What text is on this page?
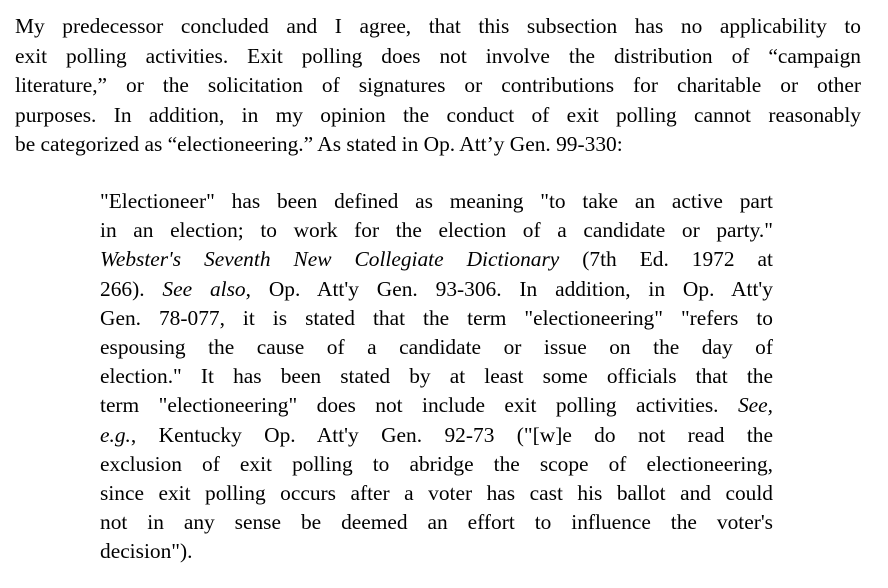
My predecessor concluded and I agree, that this subsection has no applicability to
exit polling activities. Exit polling does not involve the distribution of “campaign
literature,” or the solicitation of signatures or contributions for charitable or other
purposes. In addition, in my opinion the conduct of exit polling cannot reasonably
be categorized as “electioneering.” As stated in Op. Att’y Gen. 99-330:
"Electioneer" has been defined as meaning "to take an active part
in an election; to work for the election of a candidate or party."
Webster's Seventh New Collegiate Dictionary (7th Ed. 1972 at
266). See also, Op. Att'y Gen. 93-306. In addition, in Op. Att'y
Gen. 78-077, it is stated that the term "electioneering" "refers to
espousing the cause of a candidate or issue on the day of
election." It has been stated by at least some officials that the
term "electioneering" does not include exit polling activities. See,
e.g., Kentucky Op. Att'y Gen. 92-73 ("[w]e do not read the
exclusion of exit polling to abridge the scope of electioneering,
since exit polling occurs after a voter has cast his ballot and could
not in any sense be deemed an effort to influence the voter's
decision").
